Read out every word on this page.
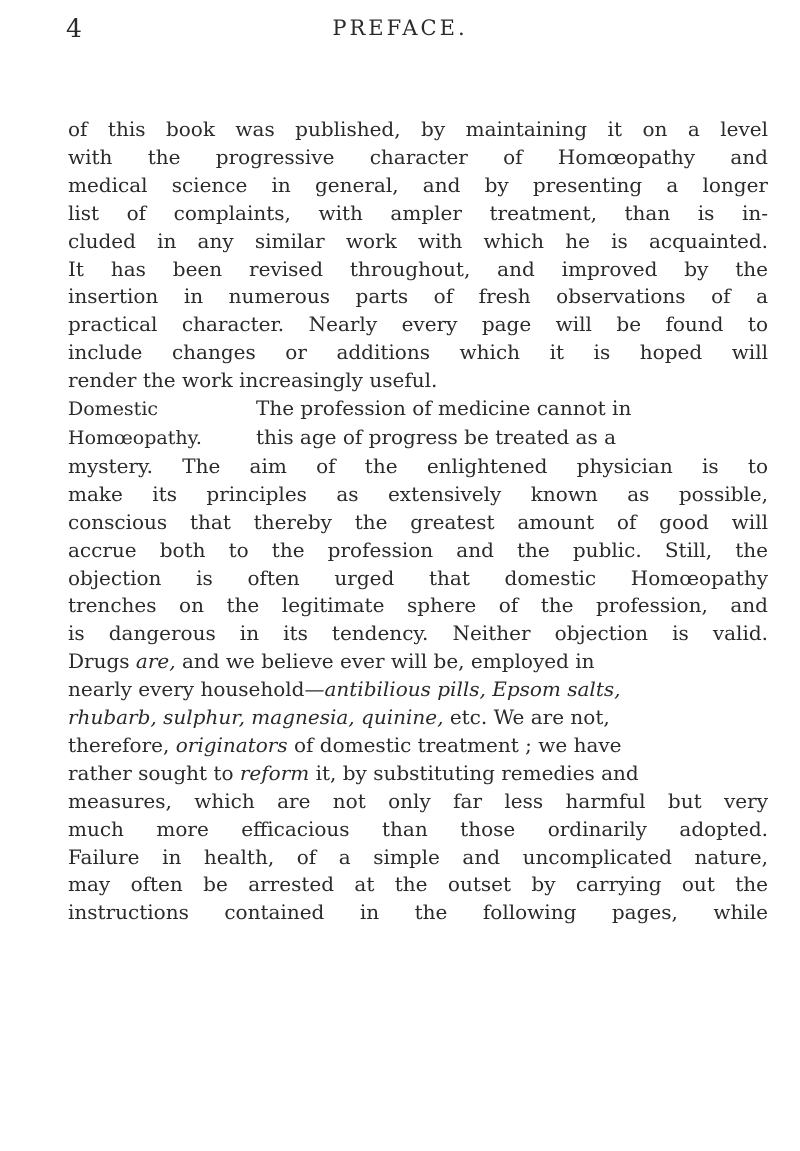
4	PREFACE.
of this book was published, by maintaining it on a level
with the progressive character of Homœopathy and
medical science in general, and by presenting a longer
list of complaints, with ampler treatment, than is in-
cluded in any similar work with which he is acquainted.
It has been revised throughout, and improved by the
insertion in numerous parts of fresh observations of a
practical character. Nearly every page will be found to
include changes or additions which it is hoped will
render the work increasingly useful.
Domestic	The profession of medicine cannot in
Homœopathy.	this age of progress be treated as a
mystery. The aim of the enlightened physician is to
make its principles as extensively known as possible,
conscious that thereby the greatest amount of good will
accrue both to the profession and the public. Still, the
objection is often urged that domestic Homœopathy
trenches on the legitimate sphere of the profession, and
is dangerous in its tendency. Neither objection is valid.
Drugs are, and we believe ever will be, employed in
nearly every household—antibilious pills, Epsom salts,
rhubarb, sulphur, magnesia, quinine, etc. We are not,
therefore, originators of domestic treatment ; we have
rather sought to reform it, by substituting remedies and
measures, which are not only far less harmful but very
much more efficacious than those ordinarily adopted.
Failure in health, of a simple and uncomplicated nature,
may often be arrested at the outset by carrying out the
instructions contained in the following pages, while
